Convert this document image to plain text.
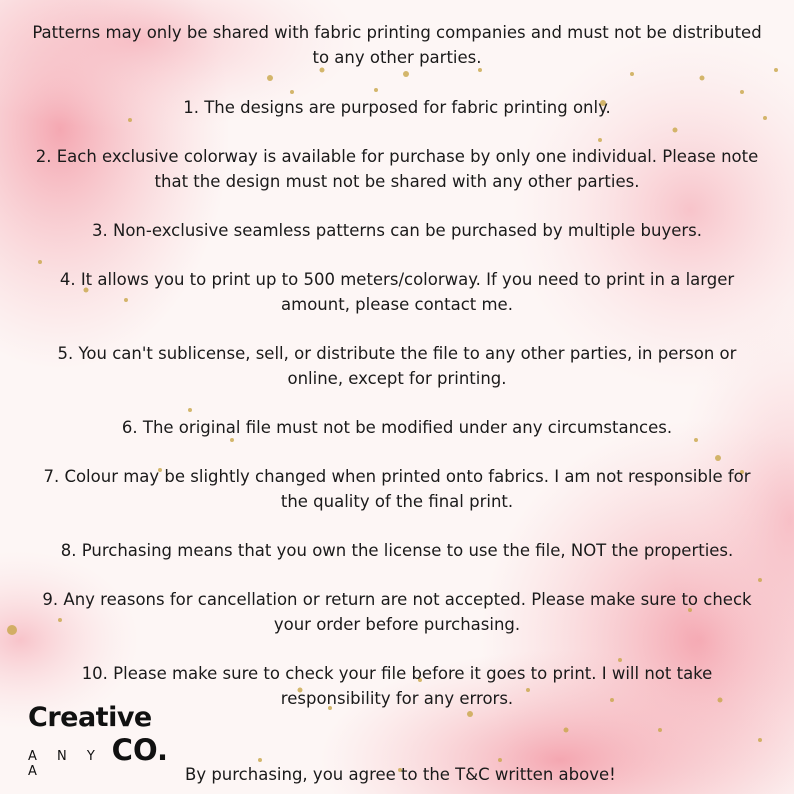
Patterns may only be shared with fabric printing companies and must not be distributed

to any other parties.

1. The designs are purposed for fabric printing only.

2. Each exclusive colorway is available for purchase by only one individual. Please note

that the design must not be shared with any other parties.

3. Non-exclusive seamless patterns can be purchased by multiple buyers.

4. It allows you to print up to 500 meters/colorway. If you need to print in a larger

amount, please contact me.

5. You can't sublicense, sell, or distribute the file to any other parties, in person or

online, except for printing.

6. The original file must not be modified under any circumstances.

7. Colour may be slightly changed when printed onto fabrics. I am not responsible for

the quality of the final print.

8. Purchasing means that you own the license to use the file, NOT the properties.

9. Any reasons for cancellation or return are not accepted. Please make sure to check

your order before purchasing.

10. Please make sure to check your file before it goes to print. I will not take

responsibility for any errors.

Creative
A N Y A
CO.

By purchasing, you agree to the T&C written above!
